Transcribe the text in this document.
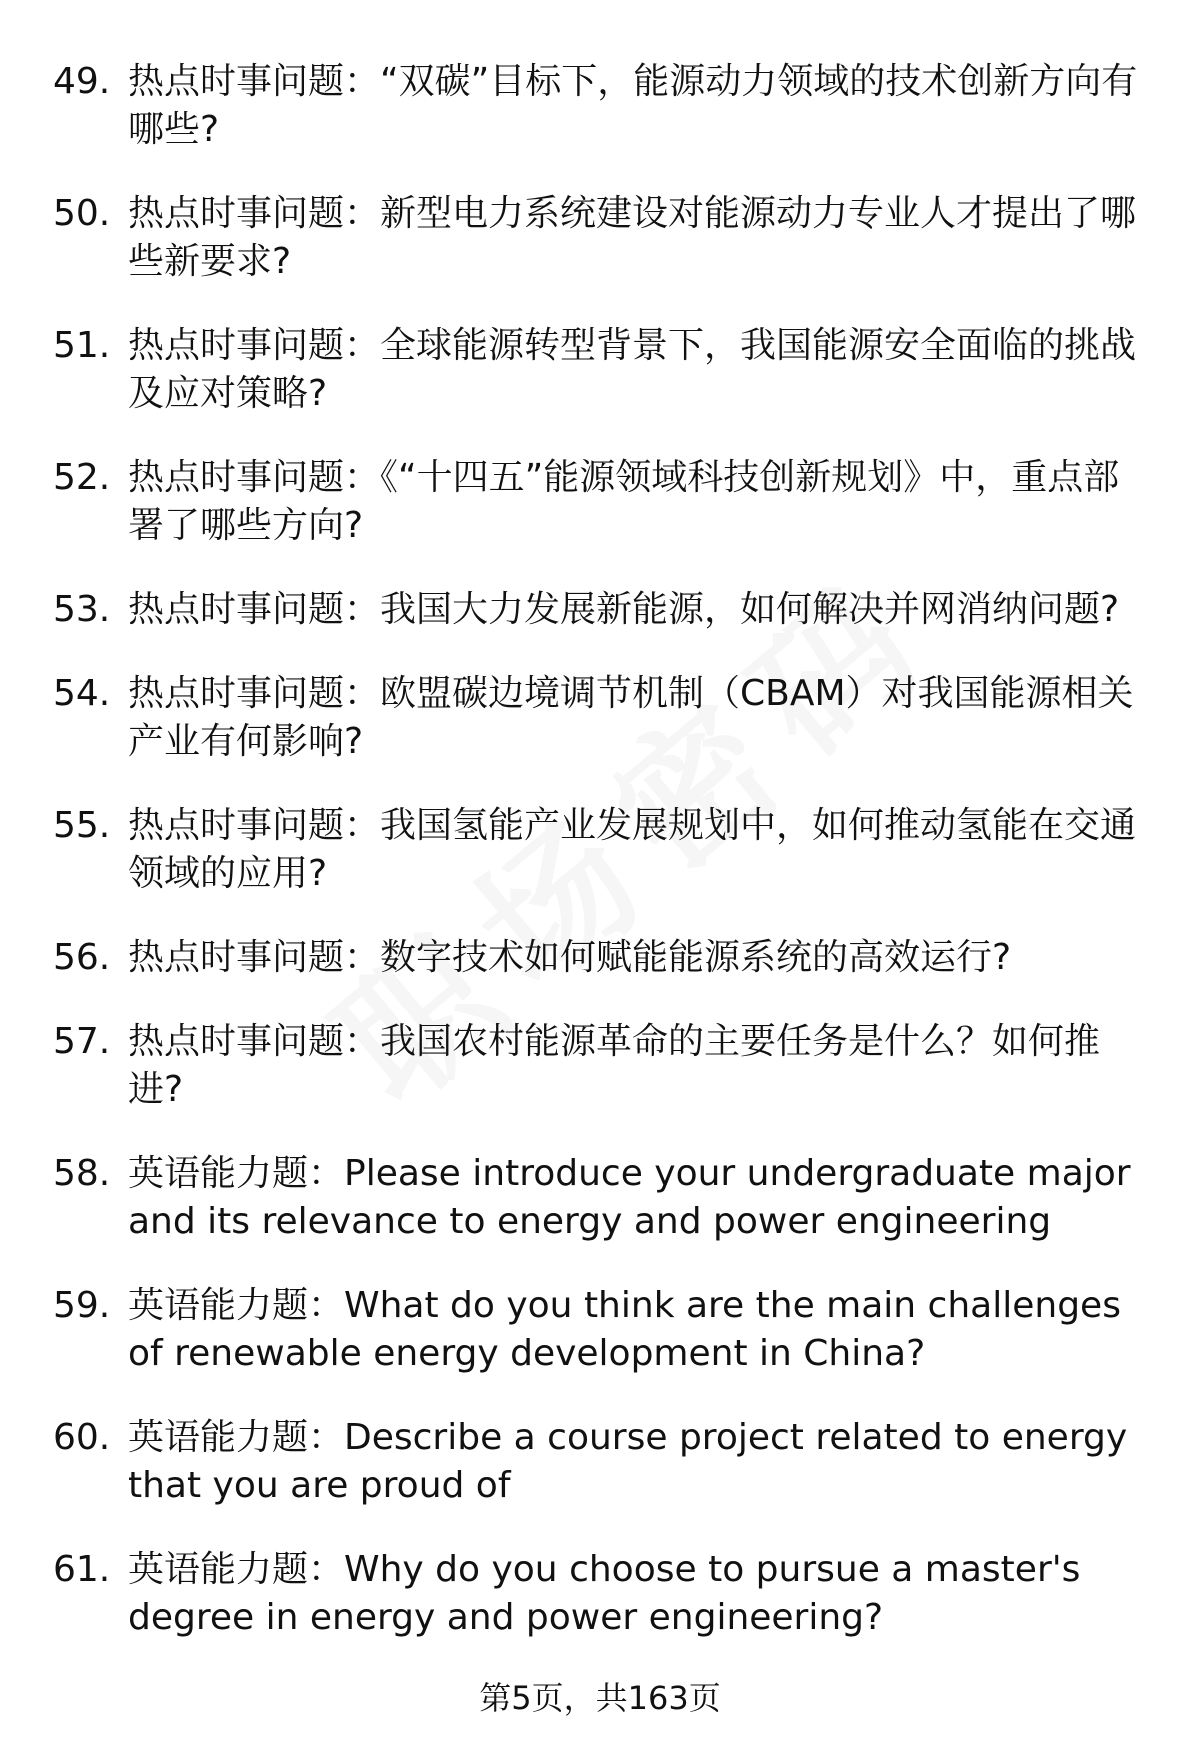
49. 热点时事问题：“双碳”目标下，能源动力领域的技术创新方向有哪些?
50. 热点时事问题：新型电力系统建设对能源动力专业人才提出了哪些新要求?
51. 热点时事问题：全球能源转型背景下，我国能源安全面临的挑战及应对策略?
52. 热点时事问题：《“十四五”能源领域科技创新规划》中，重点部署了哪些方向?
53. 热点时事问题：我国大力发展新能源，如何解决并网消纳问题?
54. 热点时事问题：欧盟碳边境调节机制（CBAM）对我国能源相关产业有何影响?
55. 热点时事问题：我国氢能产业发展规划中，如何推动氢能在交通领域的应用?
56. 热点时事问题：数字技术如何赋能能源系统的高效运行?
57. 热点时事问题：我国农村能源革命的主要任务是什么？如何推进?
58. 英语能力题：Please introduce your undergraduate major and its relevance to energy and power engineering
59. 英语能力题：What do you think are the main challenges of renewable energy development in China?
60. 英语能力题：Describe a course project related to energy that you are proud of
61. 英语能力题：Why do you choose to pursue a master's degree in energy and power engineering?
第5页，共163页
